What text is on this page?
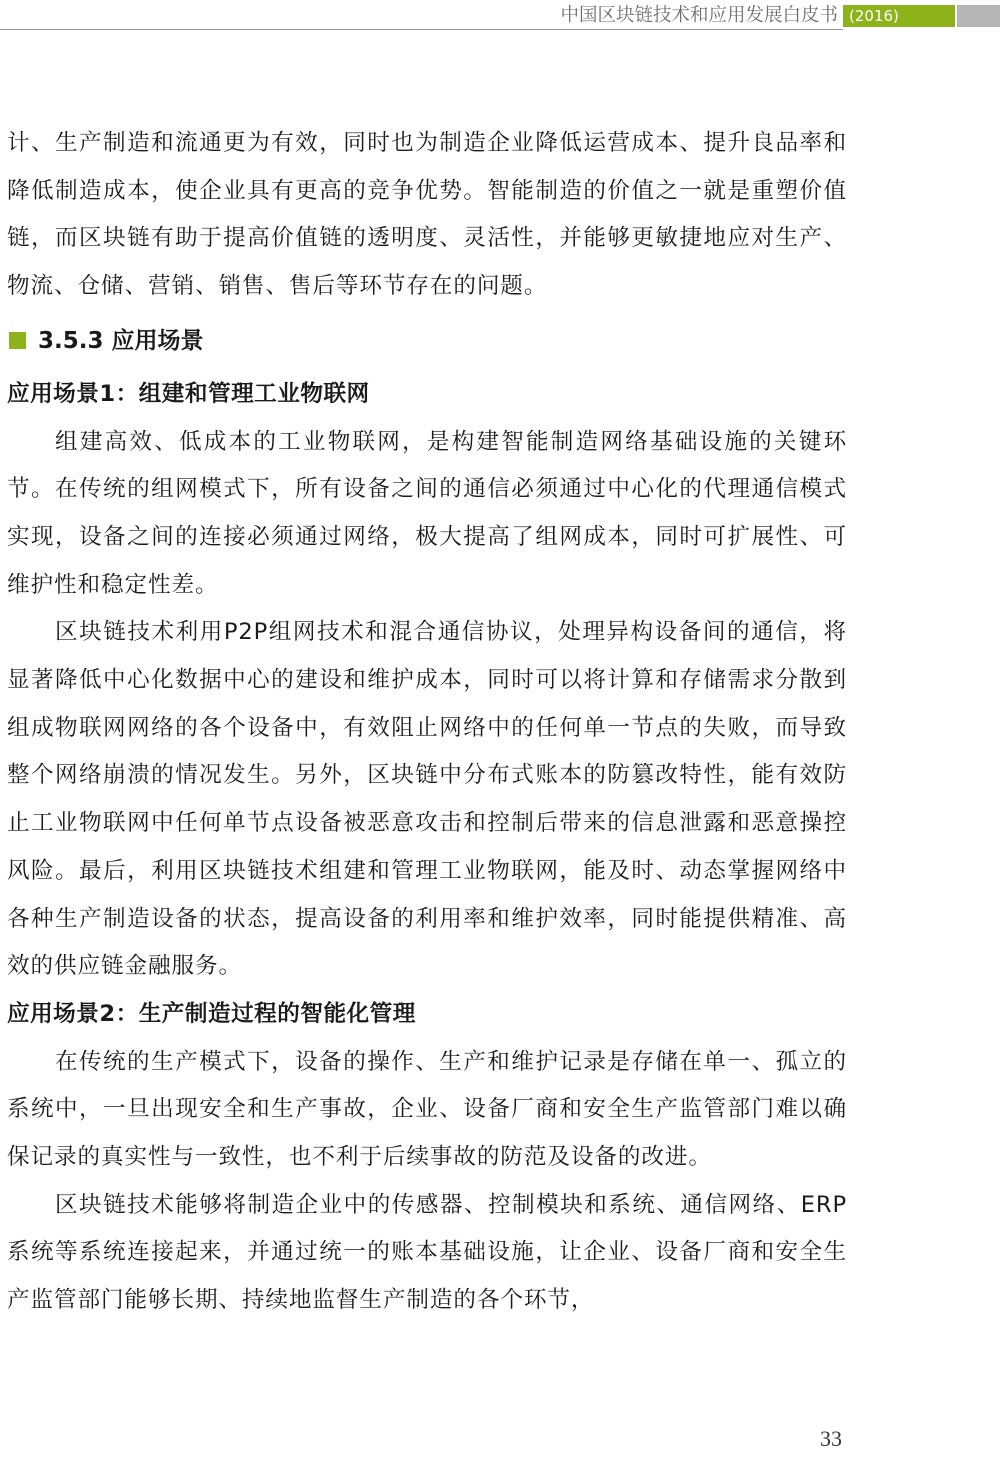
中国区块链技术和应用发展白皮书 (2016)

计、生产制造和流通更为有效，同时也为制造企业降低运营成本、提升良品率和降低制造成本，使企业具有更高的竞争优势。智能制造的价值之一就是重塑价值链，而区块链有助于提高价值链的透明度、灵活性，并能够更敏捷地应对生产、物流、仓储、营销、销售、售后等环节存在的问题。

3.5.3 应用场景

应用场景1：组建和管理工业物联网

组建高效、低成本的工业物联网，是构建智能制造网络基础设施的关键环节。在传统的组网模式下，所有设备之间的通信必须通过中心化的代理通信模式实现，设备之间的连接必须通过网络，极大提高了组网成本，同时可扩展性、可维护性和稳定性差。

区块链技术利用P2P组网技术和混合通信协议，处理异构设备间的通信，将显著降低中心化数据中心的建设和维护成本，同时可以将计算和存储需求分散到组成物联网网络的各个设备中，有效阻止网络中的任何单一节点的失败，而导致整个网络崩溃的情况发生。另外，区块链中分布式账本的防篡改特性，能有效防止工业物联网中任何单节点设备被恶意攻击和控制后带来的信息泄露和恶意操控风险。最后，利用区块链技术组建和管理工业物联网，能及时、动态掌握网络中各种生产制造设备的状态，提高设备的利用率和维护效率，同时能提供精准、高效的供应链金融服务。

应用场景2：生产制造过程的智能化管理

在传统的生产模式下，设备的操作、生产和维护记录是存储在单一、孤立的系统中，一旦出现安全和生产事故，企业、设备厂商和安全生产监管部门难以确保记录的真实性与一致性，也不利于后续事故的防范及设备的改进。

区块链技术能够将制造企业中的传感器、控制模块和系统、通信网络、ERP系统等系统连接起来，并通过统一的账本基础设施，让企业、设备厂商和安全生产监管部门能够长期、持续地监督生产制造的各个环节，

33
